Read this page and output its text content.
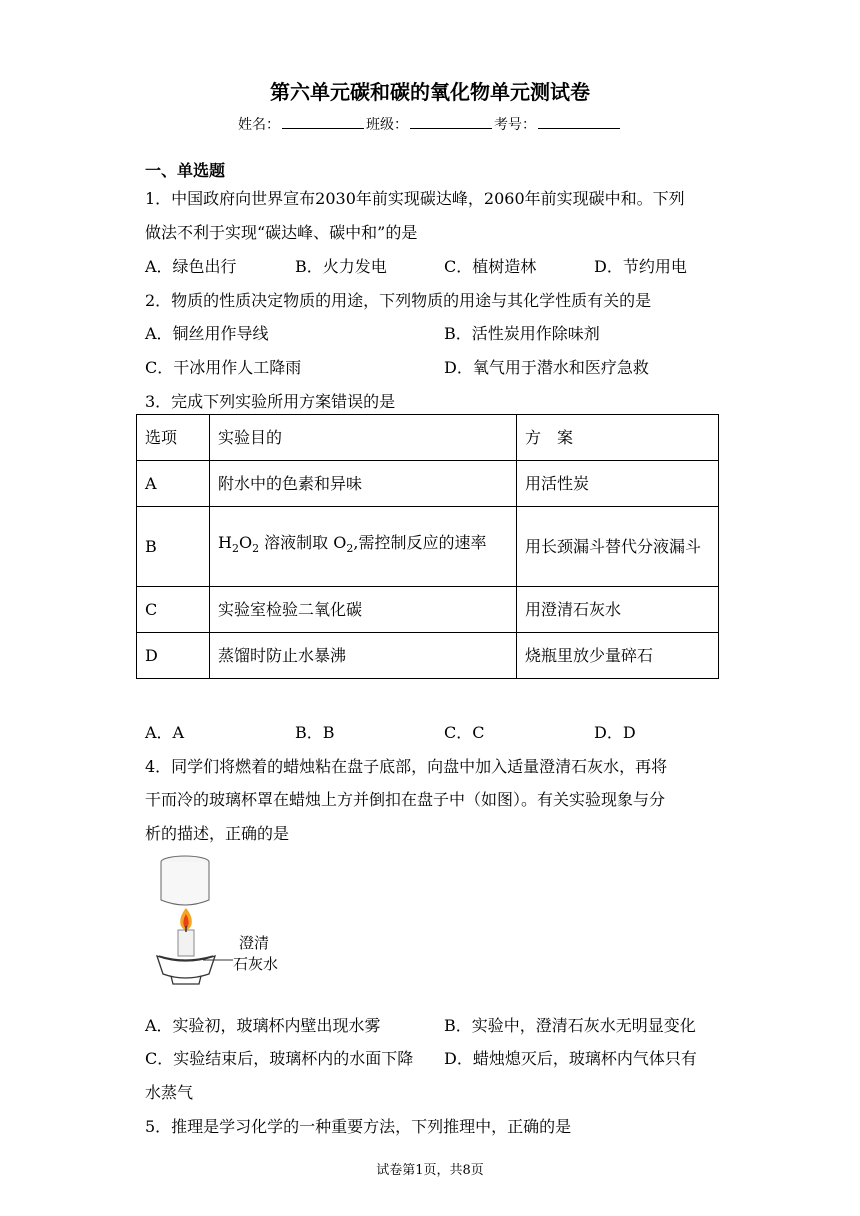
第六单元碳和碳的氧化物单元测试卷
姓名：	班级：	考号：
一、单选题
1．中国政府向世界宣布2030年前实现碳达峰，2060年前实现碳中和。下列
做法不利于实现“碳达峰、碳中和”的是
A．绿色出行	B．火力发电	C．植树造林	D．节约用电
2．物质的性质决定物质的用途，下列物质的用途与其化学性质有关的是
A．铜丝用作导线	B．活性炭用作除味剂
C．干冰用作人工降雨	D．氧气用于潜水和医疗急救
3．完成下列实验所用方案错误的是
选项	实验目的	方　案
A	附水中的色素和异味	用活性炭
B	$H_2O_2$ 溶液制取 $O_2$,需控制反应的速率	用长颈漏斗替代分液漏斗
C	实验室检验二氧化碳	用澄清石灰水
D	蒸馏时防止水暴沸	烧瓶里放少量碎石
A．A	B．B	C．C	D．D
4．同学们将燃着的蜡烛粘在盘子底部，向盘中加入适量澄清石灰水，再将
干而冷的玻璃杯罩在蜡烛上方并倒扣在盘子中（如图）。有关实验现象与分
析的描述，正确的是
澄清
石灰水
A．实验初，玻璃杯内壁出现水雾	B．实验中，澄清石灰水无明显变化
C．实验结束后，玻璃杯内的水面下降 D．蜡烛熄灭后，玻璃杯内气体只有
水蒸气
5．推理是学习化学的一种重要方法，下列推理中，正确的是
试卷第1页，共8页
